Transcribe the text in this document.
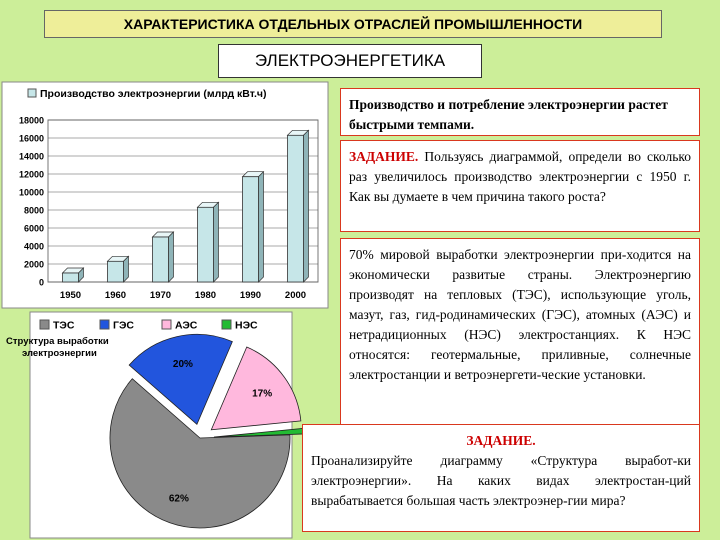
ХАРАКТЕРИСТИКА ОТДЕЛЬНЫХ ОТРАСЛЕЙ ПРОМЫШЛЕННОСТИ
ЭЛЕКТРОЭНЕРГЕТИКА
Производство электроэнергии (млрд кВт.ч)
0
2000
4000
6000
8000
10000
12000
14000
16000
18000
1950	1960	1970	1980	1990	2000
ТЭС	ГЭС	АЭС	НЭС
Структура выработки
электроэнергии
62%
20%
17%
Производство и потребление электроэнергии растет быстрыми темпами.
ЗАДАНИЕ. Пользуясь диаграммой, определи во сколько раз увеличилось производство электроэнергии с 1950 г. Как вы думаете в чем причина такого роста?
70% мировой выработки электроэнергии при-ходится на экономически развитые страны. Электроэнергию производят на тепловых (ТЭС), использующие уголь, мазут, газ, гид-родинамических (ГЭС), атомных (АЭС) и нетрадиционных (НЭС) электростанциях. К НЭС относятся: геотермальные, приливные, солнечные электростанции и ветроэнергети-ческие установки.
ЗАДАНИЕ.
Проанализируйте диаграмму «Структура выработ-ки электроэнергии». На каких видах электростан-ций вырабатывается большая часть электроэнер-гии мира?
